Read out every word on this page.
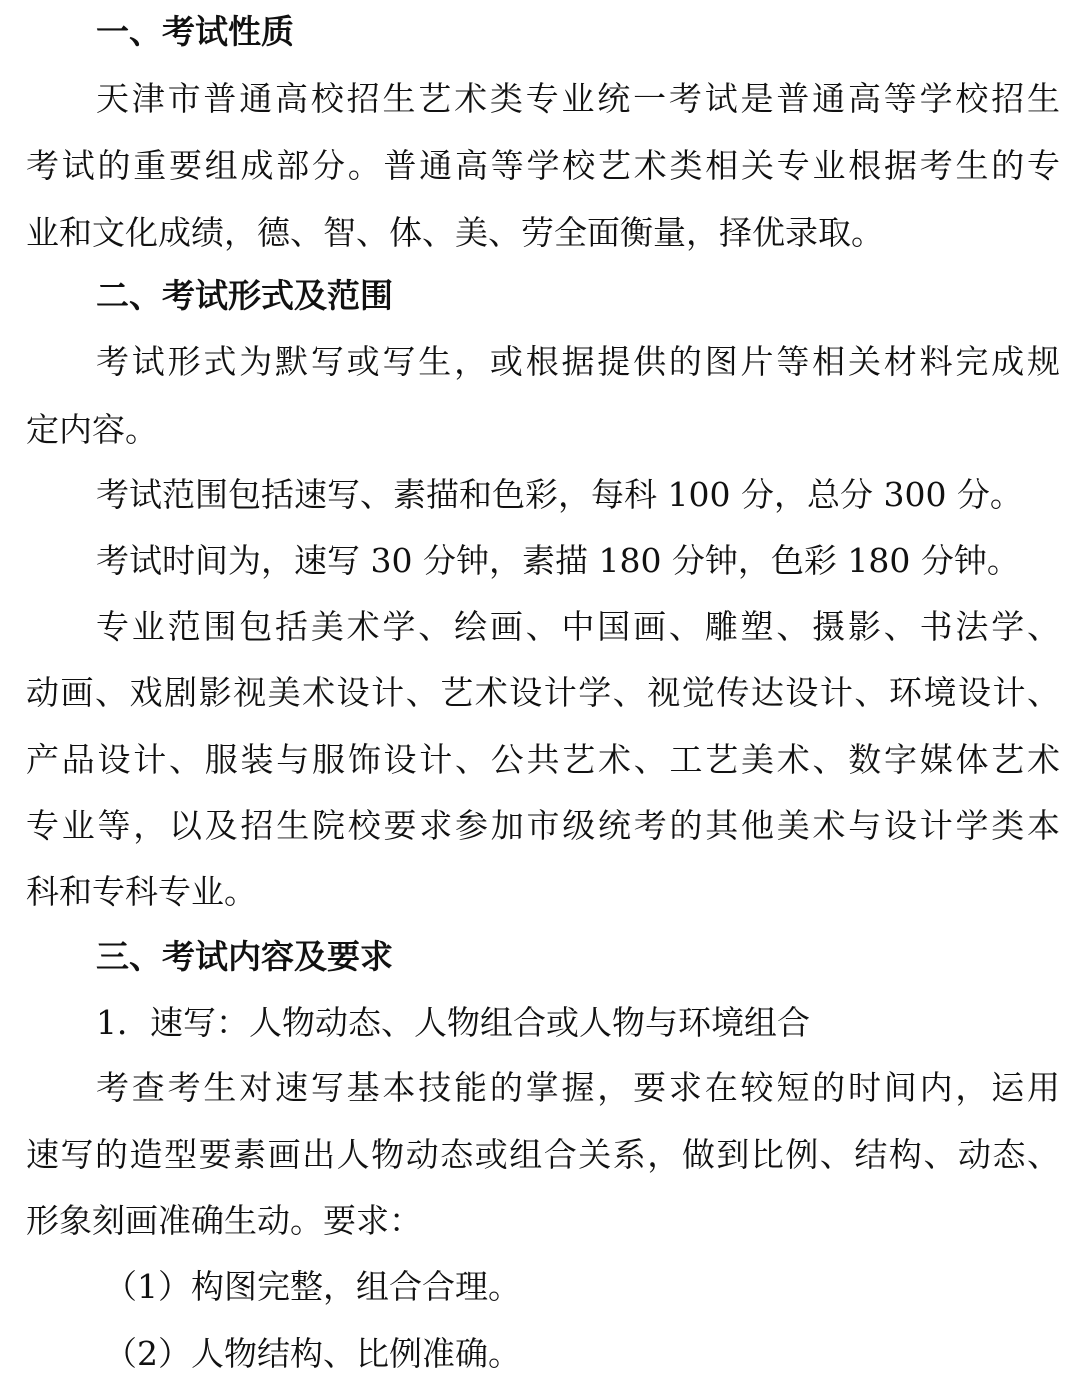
一、考试性质
天津市普通高校招生艺术类专业统一考试是普通高等学校招生
考试的重要组成部分。普通高等学校艺术类相关专业根据考生的专
业和文化成绩，德、智、体、美、劳全面衡量，择优录取。
二、考试形式及范围
考试形式为默写或写生，或根据提供的图片等相关材料完成规
定内容。
考试范围包括速写、素描和色彩，每科 100 分，总分 300 分。
考试时间为，速写 30 分钟，素描 180 分钟，色彩 180 分钟。
专业范围包括美术学、绘画、中国画、雕塑、摄影、书法学、
动画、戏剧影视美术设计、艺术设计学、视觉传达设计、环境设计、
产品设计、服装与服饰设计、公共艺术、工艺美术、数字媒体艺术
专业等，以及招生院校要求参加市级统考的其他美术与设计学类本
科和专科专业。
三、考试内容及要求
1．速写：人物动态、人物组合或人物与环境组合
考查考生对速写基本技能的掌握，要求在较短的时间内，运用
速写的造型要素画出人物动态或组合关系，做到比例、结构、动态、
形象刻画准确生动。要求：
（1）构图完整，组合合理。
（2）人物结构、比例准确。
